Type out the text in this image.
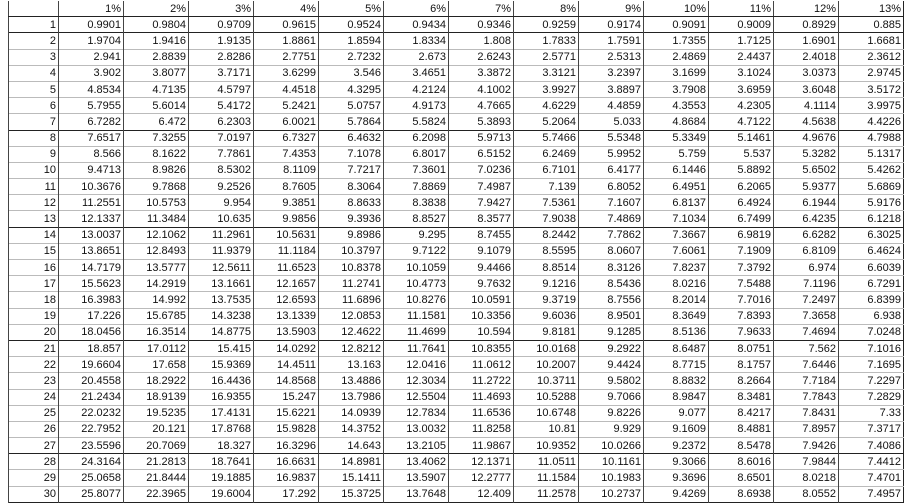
	1%	2%	3%	4%	5%	6%	7%	8%	9%	10%	11%	12%	13%
1	0.9901	0.9804	0.9709	0.9615	0.9524	0.9434	0.9346	0.9259	0.9174	0.9091	0.9009	0.8929	0.885
2	1.9704	1.9416	1.9135	1.8861	1.8594	1.8334	1.808	1.7833	1.7591	1.7355	1.7125	1.6901	1.6681
3	2.941	2.8839	2.8286	2.7751	2.7232	2.673	2.6243	2.5771	2.5313	2.4869	2.4437	2.4018	2.3612
4	3.902	3.8077	3.7171	3.6299	3.546	3.4651	3.3872	3.3121	3.2397	3.1699	3.1024	3.0373	2.9745
5	4.8534	4.7135	4.5797	4.4518	4.3295	4.2124	4.1002	3.9927	3.8897	3.7908	3.6959	3.6048	3.5172
6	5.7955	5.6014	5.4172	5.2421	5.0757	4.9173	4.7665	4.6229	4.4859	4.3553	4.2305	4.1114	3.9975
7	6.7282	6.472	6.2303	6.0021	5.7864	5.5824	5.3893	5.2064	5.033	4.8684	4.7122	4.5638	4.4226
8	7.6517	7.3255	7.0197	6.7327	6.4632	6.2098	5.9713	5.7466	5.5348	5.3349	5.1461	4.9676	4.7988
9	8.566	8.1622	7.7861	7.4353	7.1078	6.8017	6.5152	6.2469	5.9952	5.759	5.537	5.3282	5.1317
10	9.4713	8.9826	8.5302	8.1109	7.7217	7.3601	7.0236	6.7101	6.4177	6.1446	5.8892	5.6502	5.4262
11	10.3676	9.7868	9.2526	8.7605	8.3064	7.8869	7.4987	7.139	6.8052	6.4951	6.2065	5.9377	5.6869
12	11.2551	10.5753	9.954	9.3851	8.8633	8.3838	7.9427	7.5361	7.1607	6.8137	6.4924	6.1944	5.9176
13	12.1337	11.3484	10.635	9.9856	9.3936	8.8527	8.3577	7.9038	7.4869	7.1034	6.7499	6.4235	6.1218
14	13.0037	12.1062	11.2961	10.5631	9.8986	9.295	8.7455	8.2442	7.7862	7.3667	6.9819	6.6282	6.3025
15	13.8651	12.8493	11.9379	11.1184	10.3797	9.7122	9.1079	8.5595	8.0607	7.6061	7.1909	6.8109	6.4624
16	14.7179	13.5777	12.5611	11.6523	10.8378	10.1059	9.4466	8.8514	8.3126	7.8237	7.3792	6.974	6.6039
17	15.5623	14.2919	13.1661	12.1657	11.2741	10.4773	9.7632	9.1216	8.5436	8.0216	7.5488	7.1196	6.7291
18	16.3983	14.992	13.7535	12.6593	11.6896	10.8276	10.0591	9.3719	8.7556	8.2014	7.7016	7.2497	6.8399
19	17.226	15.6785	14.3238	13.1339	12.0853	11.1581	10.3356	9.6036	8.9501	8.3649	7.8393	7.3658	6.938
20	18.0456	16.3514	14.8775	13.5903	12.4622	11.4699	10.594	9.8181	9.1285	8.5136	7.9633	7.4694	7.0248
21	18.857	17.0112	15.415	14.0292	12.8212	11.7641	10.8355	10.0168	9.2922	8.6487	8.0751	7.562	7.1016
22	19.6604	17.658	15.9369	14.4511	13.163	12.0416	11.0612	10.2007	9.4424	8.7715	8.1757	7.6446	7.1695
23	20.4558	18.2922	16.4436	14.8568	13.4886	12.3034	11.2722	10.3711	9.5802	8.8832	8.2664	7.7184	7.2297
24	21.2434	18.9139	16.9355	15.247	13.7986	12.5504	11.4693	10.5288	9.7066	8.9847	8.3481	7.7843	7.2829
25	22.0232	19.5235	17.4131	15.6221	14.0939	12.7834	11.6536	10.6748	9.8226	9.077	8.4217	7.8431	7.33
26	22.7952	20.121	17.8768	15.9828	14.3752	13.0032	11.8258	10.81	9.929	9.1609	8.4881	7.8957	7.3717
27	23.5596	20.7069	18.327	16.3296	14.643	13.2105	11.9867	10.9352	10.0266	9.2372	8.5478	7.9426	7.4086
28	24.3164	21.2813	18.7641	16.6631	14.8981	13.4062	12.1371	11.0511	10.1161	9.3066	8.6016	7.9844	7.4412
29	25.0658	21.8444	19.1885	16.9837	15.1411	13.5907	12.2777	11.1584	10.1983	9.3696	8.6501	8.0218	7.4701
30	25.8077	22.3965	19.6004	17.292	15.3725	13.7648	12.409	11.2578	10.2737	9.4269	8.6938	8.0552	7.4957
